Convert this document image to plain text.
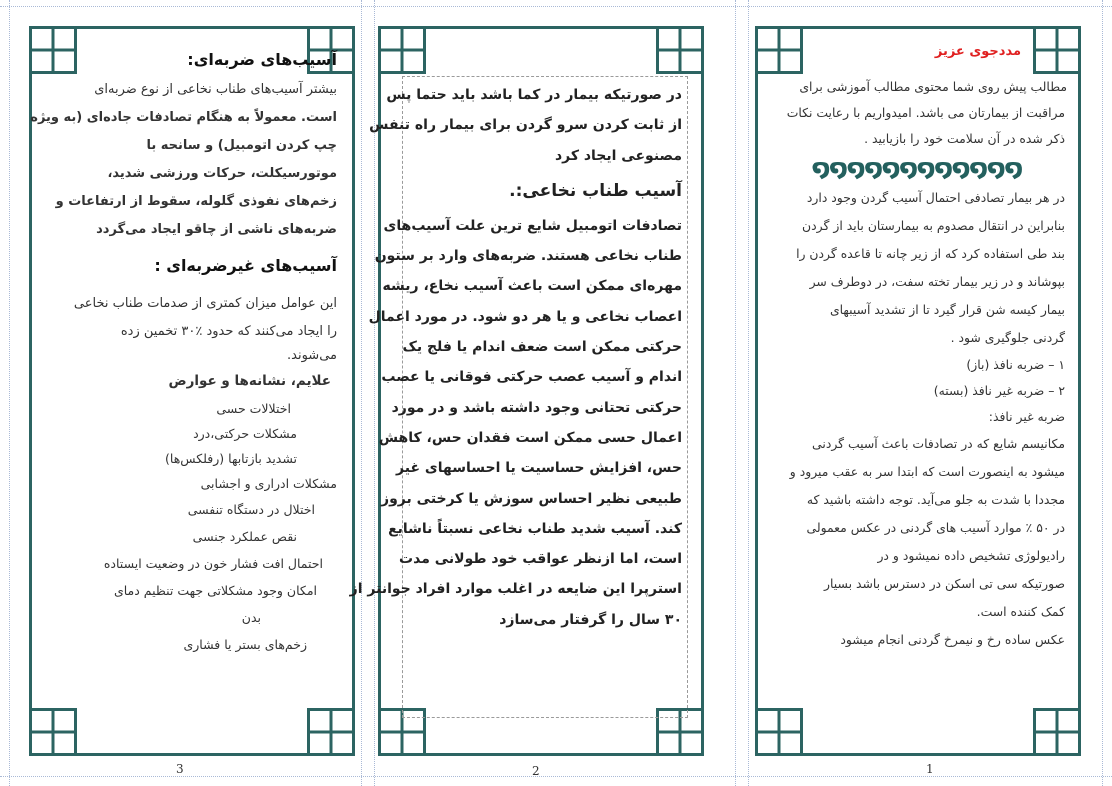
آسیب‌های ضربه‌ای:

بیشتر آسیب‌های طناب نخاعی از نوع ضربه‌ای
است. معمولاً به هنگام تصادفات جاده‌ای (به ویژه
چپ کردن اتومبیل) و سانحه با
موتورسیکلت، حرکات ورزشی شدید،
زخم‌های نفوذی گلوله، سقوط از ارتفاعات و
ضربه‌های ناشی از چاقو ایجاد می‌گردد

آسیب‌های غیرضربه‌ای :

این عوامل میزان کمتری از صدمات طناب نخاعی
را ایجاد می‌کنند که حدود ٪۳۰ تخمین زده
می‌شوند.
علایم، نشانه‌ها و عوارض
اختلالات حسی
مشکلات حرکتی،درد
تشدید بازتابها (رفلکس‌ها)
مشکلات ادراری و اجشابی
اختلال در دستگاه تنفسی
نقص عملکرد جنسی
احتمال افت فشار خون در وضعیت ایستاده
امکان وجود مشکلاتی جهت تنظیم دمای
بدن
زخم‌های بستر یا فشاری
3
در صورتیکه بیمار در کما باشد باید حتما پس
از ثابت کردن سرو گردن برای بیمار راه تنفس
مصنوعی ایجاد کرد
آسیب طناب نخاعی:.
تصادفات اتومبیل شایع ترین علت آسیب‌های
طناب نخاعی هستند. ضربه‌های وارد بر ستون
مهره‌ای ممکن است باعث آسیب نخاع، ریشه
اعصاب نخاعی و یا هر دو شود. در مورد اعمال
حرکتی ممکن است ضعف اندام یا فلج یک
اندام و آسیب عصب حرکتی فوقانی یا عصب
حرکتی تحتانی وجود داشته باشد و در مورد
اعمال حسی ممکن است فقدان حس، کاهش
حس، افزایش حساسیت یا احساسهای غیر
طبیعی نظیر احساس سوزش یا کرختی بروز
کند. آسیب شدید طناب نخاعی نسبتاً ناشایع
است، اما ازنظر عواقب خود طولانی مدت
استرپرا این ضایعه در اغلب موارد افراد جوانتر از
۳۰ سال را گرفتار می‌سازد
2
مددجوی عزیز
مطالب پیش روی شما محتوی مطالب آموزشی برای
مراقبت از بیمارتان می باشد. امیدواریم با رعایت نکات
ذکر شده در آن سلامت خود را بازیابید .
໑໑໑໑໑໑໑໑໑໑໑໑
در هر بیمار تصادفی احتمال آسیب گردن وجود دارد
بنابراین در انتقال مصدوم به بیمارستان باید از گردن
بند طی استفاده کرد که از زیر چانه تا قاعده گردن را
بپوشاند و در زیر بیمار تخته سفت، در دوطرف سر
بیمار کیسه شن قرار گیرد تا از تشدید آسیبهای
گردنی جلوگیری شود .
۱ – ضربه نافذ (باز)
۲ – ضربه غیر نافذ (بسته)
ضربه غیر نافذ:
مکانیسم شایع که در تصادفات باعث آسیب گردنی
میشود به اینصورت است که ابتدا سر به عقب میرود و
مجددا با شدت به جلو می‌آید. توجه داشته باشید که
در ۵۰ ٪ موارد آسیب های گردنی در عکس معمولی
رادیولوژی تشخیص داده نمیشود و در
صورتیکه سی تی اسکن در دسترس باشد بسیار
کمک کننده است.
عکس ساده رخ و نیمرخ گردنی انجام میشود
1
